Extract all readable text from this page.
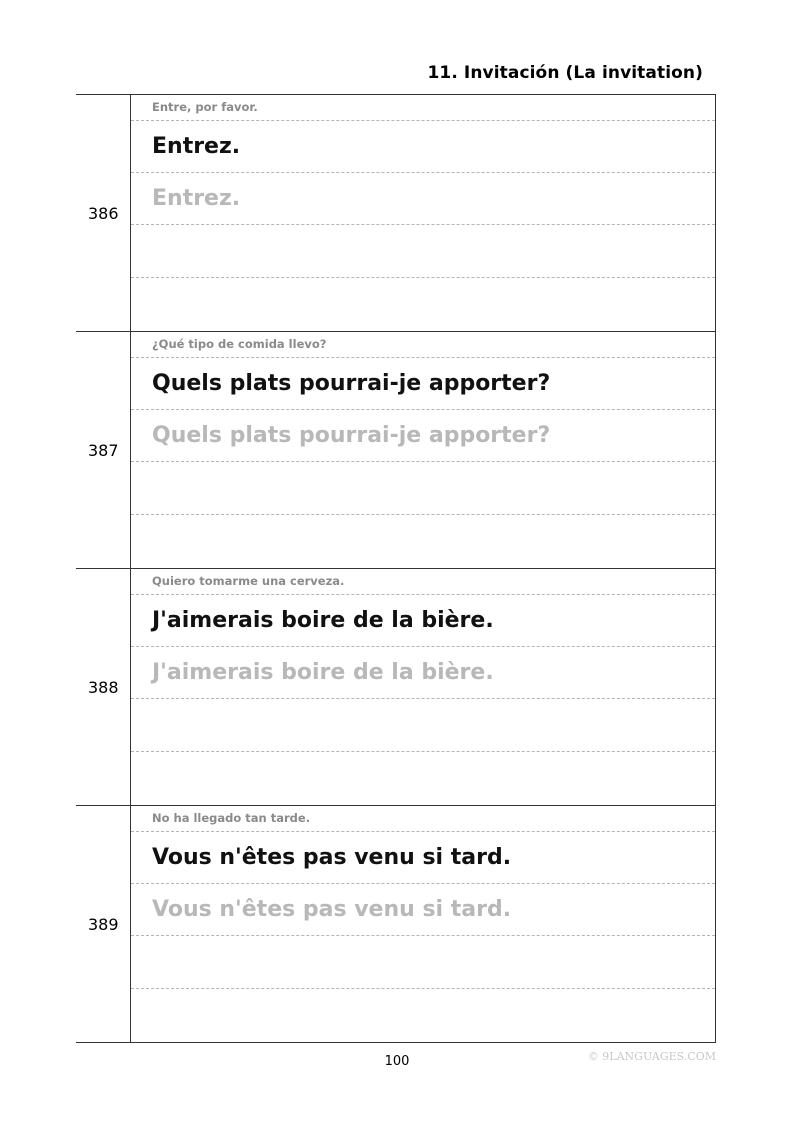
11. Invitación (La invitation)
386
Entre, por favor.
Entrez.
Entrez.
387
¿Qué tipo de comida llevo?
Quels plats pourrai-je apporter?
Quels plats pourrai-je apporter?
388
Quiero tomarme una cerveza.
J'aimerais boire de la bière.
J'aimerais boire de la bière.
389
No ha llegado tan tarde.
Vous n'êtes pas venu si tard.
Vous n'êtes pas venu si tard.
100	© 9LANGUAGES.COM
